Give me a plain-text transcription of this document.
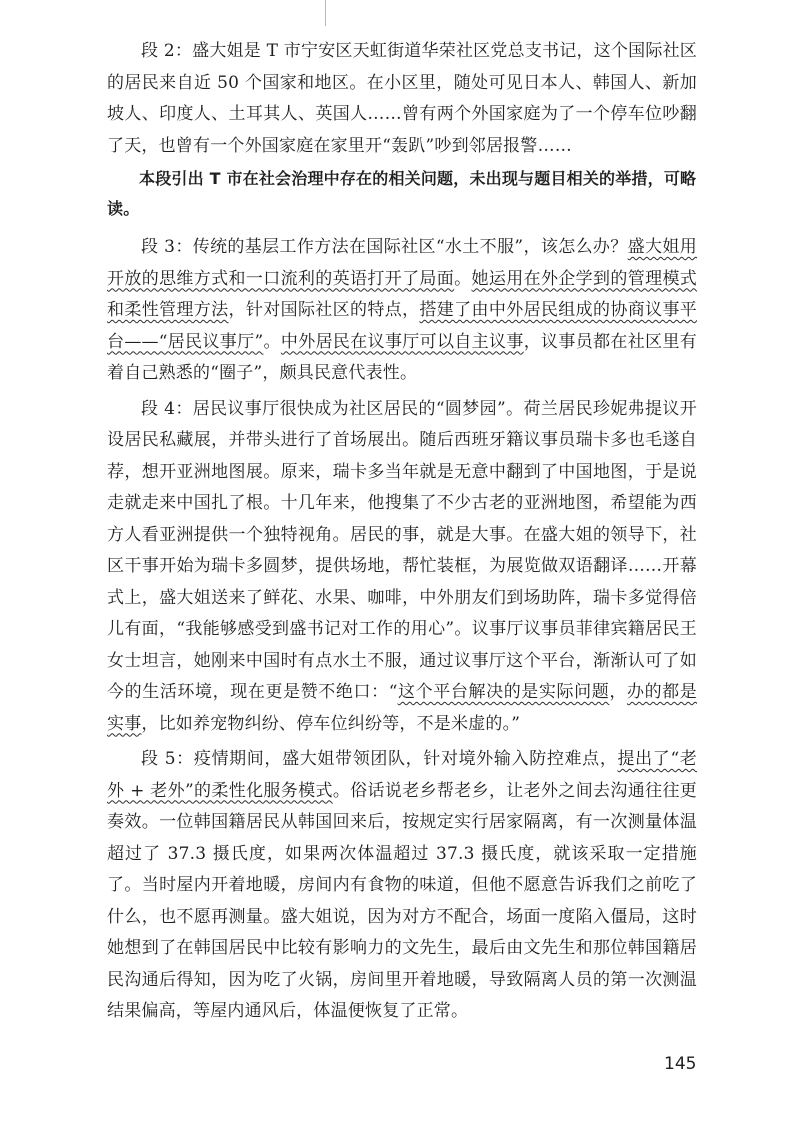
段 2：盛大姐是 T 市宁安区天虹街道华荣社区党总支书记，这个国际社区的居民来自近 50 个国家和地区。在小区里，随处可见日本人、韩国人、新加坡人、印度人、土耳其人、英国人……曾有两个外国家庭为了一个停车位吵翻了天，也曾有一个外国家庭在家里开“轰趴”吵到邻居报警……

本段引出 T 市在社会治理中存在的相关问题，未出现与题目相关的举措，可略读。

段 3：传统的基层工作方法在国际社区“水土不服”，该怎么办？盛大姐用开放的思维方式和一口流利的英语打开了局面。她运用在外企学到的管理模式和柔性管理方法，针对国际社区的特点，搭建了由中外居民组成的协商议事平台——“居民议事厅”。中外居民在议事厅可以自主议事，议事员都在社区里有着自己熟悉的“圈子”，颇具民意代表性。

段 4：居民议事厅很快成为社区居民的“圆梦园”。荷兰居民珍妮弗提议开设居民私藏展，并带头进行了首场展出。随后西班牙籍议事员瑞卡多也毛遂自荐，想开亚洲地图展。原来，瑞卡多当年就是无意中翻到了中国地图，于是说走就走来中国扎了根。十几年来，他搜集了不少古老的亚洲地图，希望能为西方人看亚洲提供一个独特视角。居民的事，就是大事。在盛大姐的领导下，社区干事开始为瑞卡多圆梦，提供场地，帮忙装框，为展览做双语翻译……开幕式上，盛大姐送来了鲜花、水果、咖啡，中外朋友们到场助阵，瑞卡多觉得倍儿有面，“我能够感受到盛书记对工作的用心”。议事厅议事员菲律宾籍居民王女士坦言，她刚来中国时有点水土不服，通过议事厅这个平台，渐渐认可了如今的生活环境，现在更是赞不绝口：“这个平台解决的是实际问题，办的都是实事，比如养宠物纠纷、停车位纠纷等，不是米虚的。”

段 5：疫情期间，盛大姐带领团队，针对境外输入防控难点，提出了“老外 + 老外”的柔性化服务模式。俗话说老乡帮老乡，让老外之间去沟通往往更奏效。一位韩国籍居民从韩国回来后，按规定实行居家隔离，有一次测量体温超过了 37.3 摄氏度，如果两次体温超过 37.3 摄氏度，就该采取一定措施了。当时屋内开着地暖，房间内有食物的味道，但他不愿意告诉我们之前吃了什么，也不愿再测量。盛大姐说，因为对方不配合，场面一度陷入僵局，这时她想到了在韩国居民中比较有影响力的文先生，最后由文先生和那位韩国籍居民沟通后得知，因为吃了火锅，房间里开着地暖，导致隔离人员的第一次测温结果偏高，等屋内通风后，体温便恢复了正常。

145
